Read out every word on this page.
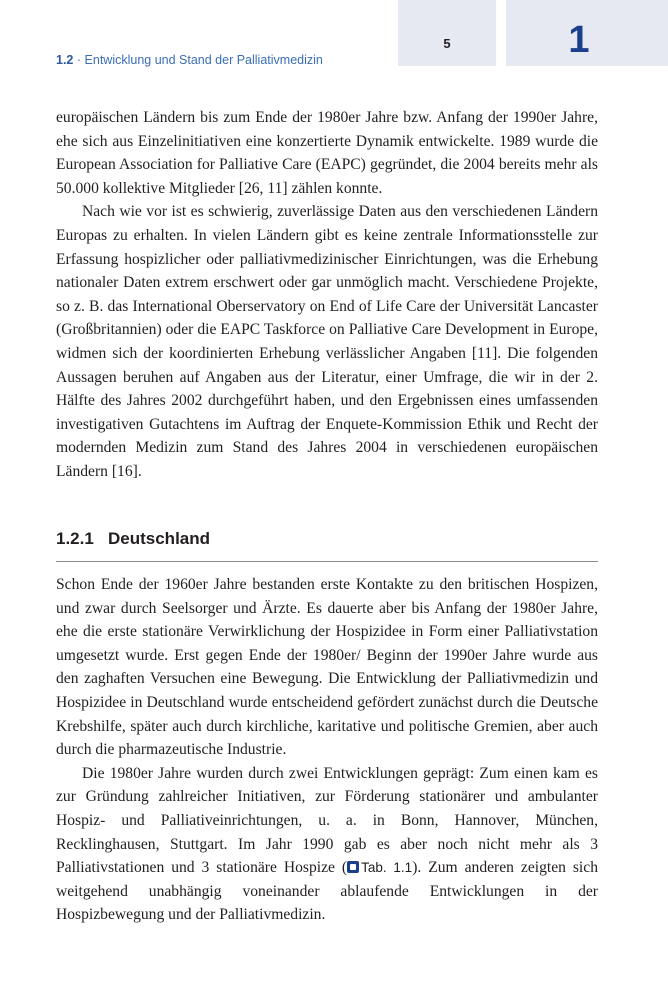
5	1
1.2 · Entwicklung und Stand der Palliativmedizin

europäischen Ländern bis zum Ende der 1980er Jahre bzw. Anfang der 1990er Jahre, ehe sich aus Einzelinitiativen eine konzertierte Dynamik entwickelte. 1989 wurde die European Association for Palliative Care (EAPC) gegründet, die 2004 bereits mehr als 50.000 kollektive Mitglieder [26, 11] zählen konnte.

Nach wie vor ist es schwierig, zuverlässige Daten aus den verschiedenen Ländern Europas zu erhalten. In vielen Ländern gibt es keine zentrale Informationsstelle zur Erfassung hospizlicher oder palliativmedizinischer Einrichtungen, was die Erhebung nationaler Daten extrem erschwert oder gar unmöglich macht. Verschiedene Projekte, so z. B. das International Oberservatory on End of Life Care der Universität Lancaster (Großbritannien) oder die EAPC Taskforce on Palliative Care Development in Europe, widmen sich der koordinierten Erhebung verlässlicher Angaben [11]. Die folgenden Aussagen beruhen auf Angaben aus der Literatur, einer Umfrage, die wir in der 2. Hälfte des Jahres 2002 durchgeführt haben, und den Ergebnissen eines umfassenden investigativen Gutachtens im Auftrag der Enquete-Kommission Ethik und Recht der modernden Medizin zum Stand des Jahres 2004 in verschiedenen europäischen Ländern [16].

1.2.1 Deutschland

Schon Ende der 1960er Jahre bestanden erste Kontakte zu den britischen Hospizen, und zwar durch Seelsorger und Ärzte. Es dauerte aber bis Anfang der 1980er Jahre, ehe die erste stationäre Verwirklichung der Hospizidee in Form einer Palliativstation umgesetzt wurde. Erst gegen Ende der 1980er/ Beginn der 1990er Jahre wurde aus den zaghaften Versuchen eine Bewegung. Die Entwicklung der Palliativmedizin und Hospizidee in Deutschland wurde entscheidend gefördert zunächst durch die Deutsche Krebshilfe, später auch durch kirchliche, karitative und politische Gremien, aber auch durch die pharmazeutische Industrie.

Die 1980er Jahre wurden durch zwei Entwicklungen geprägt: Zum einen kam es zur Gründung zahlreicher Initiativen, zur Förderung stationärer und ambulanter Hospiz- und Palliativeinrichtungen, u. a. in Bonn, Hannover, München, Recklinghausen, Stuttgart. Im Jahr 1990 gab es aber noch nicht mehr als 3 Palliativstationen und 3 stationäre Hospize ( Tab. 1.1). Zum anderen zeigten sich weitgehend unabhängig voneinander ablaufende Entwicklungen in der Hospizbewegung und der Palliativmedizin.
